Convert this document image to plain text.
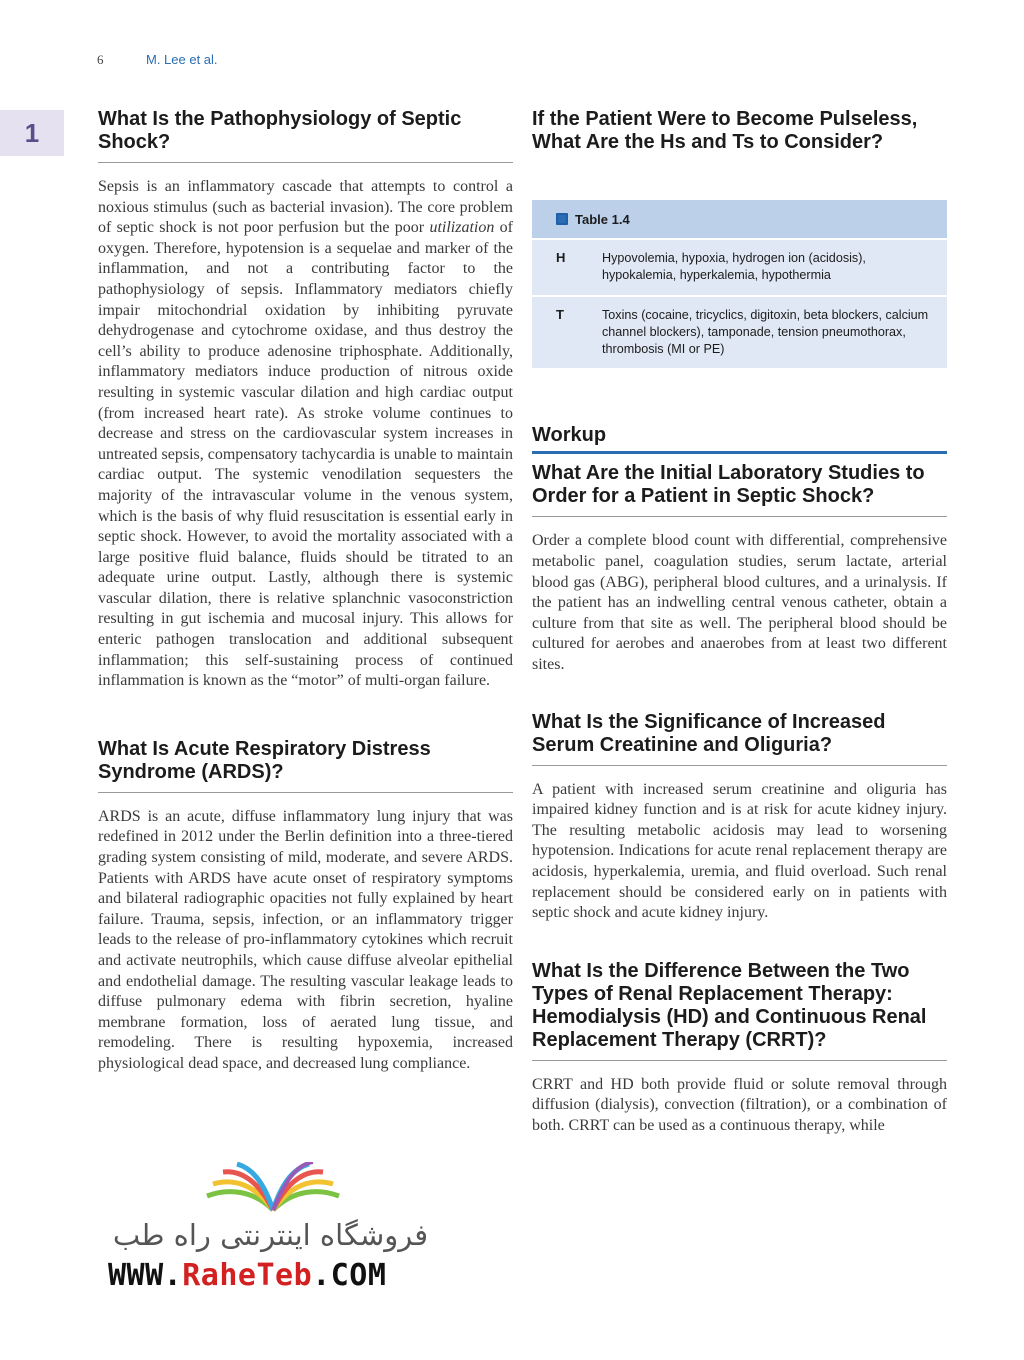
6	M. Lee et al.
1	What Is the Pathophysiology of Septic Shock?

Sepsis is an inflammatory cascade that attempts to control a noxious stimulus (such as bacterial invasion). The core problem of septic shock is not poor perfusion but the poor utilization of oxygen. Therefore, hypotension is a sequelae and marker of the inflammation, and not a contributing factor to the pathophysiology of sepsis. Inflammatory mediators chiefly impair mitochondrial oxidation by inhibiting pyruvate dehydrogenase and cytochrome oxidase, and thus destroy the cell’s ability to produce adenosine triphosphate. Additionally, inflammatory mediators induce production of nitrous oxide resulting in systemic vascular dilation and high cardiac output (from increased heart rate). As stroke volume continues to decrease and stress on the cardiovascular system increases in untreated sepsis, compensatory tachycardia is unable to maintain cardiac output. The systemic venodilation sequesters the majority of the intravascular volume in the venous system, which is the basis of why fluid resuscitation is essential early in septic shock. However, to avoid the mortality associated with a large positive fluid balance, fluids should be titrated to an adequate urine output. Lastly, although there is systemic vascular dilation, there is relative splanchnic vasoconstriction resulting in gut ischemia and mucosal injury. This allows for enteric pathogen translocation and additional subsequent inflammation; this self-sustaining process of continued inflammation is known as the “motor” of multi-organ failure.

What Is Acute Respiratory Distress Syndrome (ARDS)?

ARDS is an acute, diffuse inflammatory lung injury that was redefined in 2012 under the Berlin definition into a three-tiered grading system consisting of mild, moderate, and severe ARDS. Patients with ARDS have acute onset of respiratory symptoms and bilateral radiographic opacities not fully explained by heart failure. Trauma, sepsis, infection, or an inflammatory trigger leads to the release of pro-inflammatory cytokines which recruit and activate neutrophils, which cause diffuse alveolar epithelial and endothelial damage. The resulting vascular leakage leads to diffuse pulmonary edema with fibrin secretion, hyaline membrane formation, loss of aerated lung tissue, and remodeling. There is resulting hypoxemia, increased physiological dead space, and decreased lung compliance.

If the Patient Were to Become Pulseless, What Are the Hs and Ts to Consider?
Table 1.4
H	Hypovolemia, hypoxia, hydrogen ion (acidosis), hypokalemia, hyperkalemia, hypothermia
T	Toxins (cocaine, tricyclics, digitoxin, beta blockers, calcium channel blockers), tamponade, tension pneumothorax, thrombosis (MI or PE)
Workup
What Are the Initial Laboratory Studies to Order for a Patient in Septic Shock?

Order a complete blood count with differential, comprehensive metabolic panel, coagulation studies, serum lactate, arterial blood gas (ABG), peripheral blood cultures, and a urinalysis. If the patient has an indwelling central venous catheter, obtain a culture from that site as well. The peripheral blood should be cultured for aerobes and anaerobes from at least two different sites.

What Is the Significance of Increased Serum Creatinine and Oliguria?

A patient with increased serum creatinine and oliguria has impaired kidney function and is at risk for acute kidney injury. The resulting metabolic acidosis may lead to worsening hypotension. Indications for acute renal replacement therapy are acidosis, hyperkalemia, uremia, and fluid overload. Such renal replacement should be considered early on in patients with septic shock and acute kidney injury.

What Is the Difference Between the Two Types of Renal Replacement Therapy: Hemodialysis (HD) and Continuous Renal Replacement Therapy (CRRT)?

CRRT and HD both provide fluid or solute removal through diffusion (dialysis), convection (filtration), or a combination of both. CRRT can be used as a continuous therapy, while

فروشگاه اینترنتی راه طب
WWW.RaheTeb.COM
